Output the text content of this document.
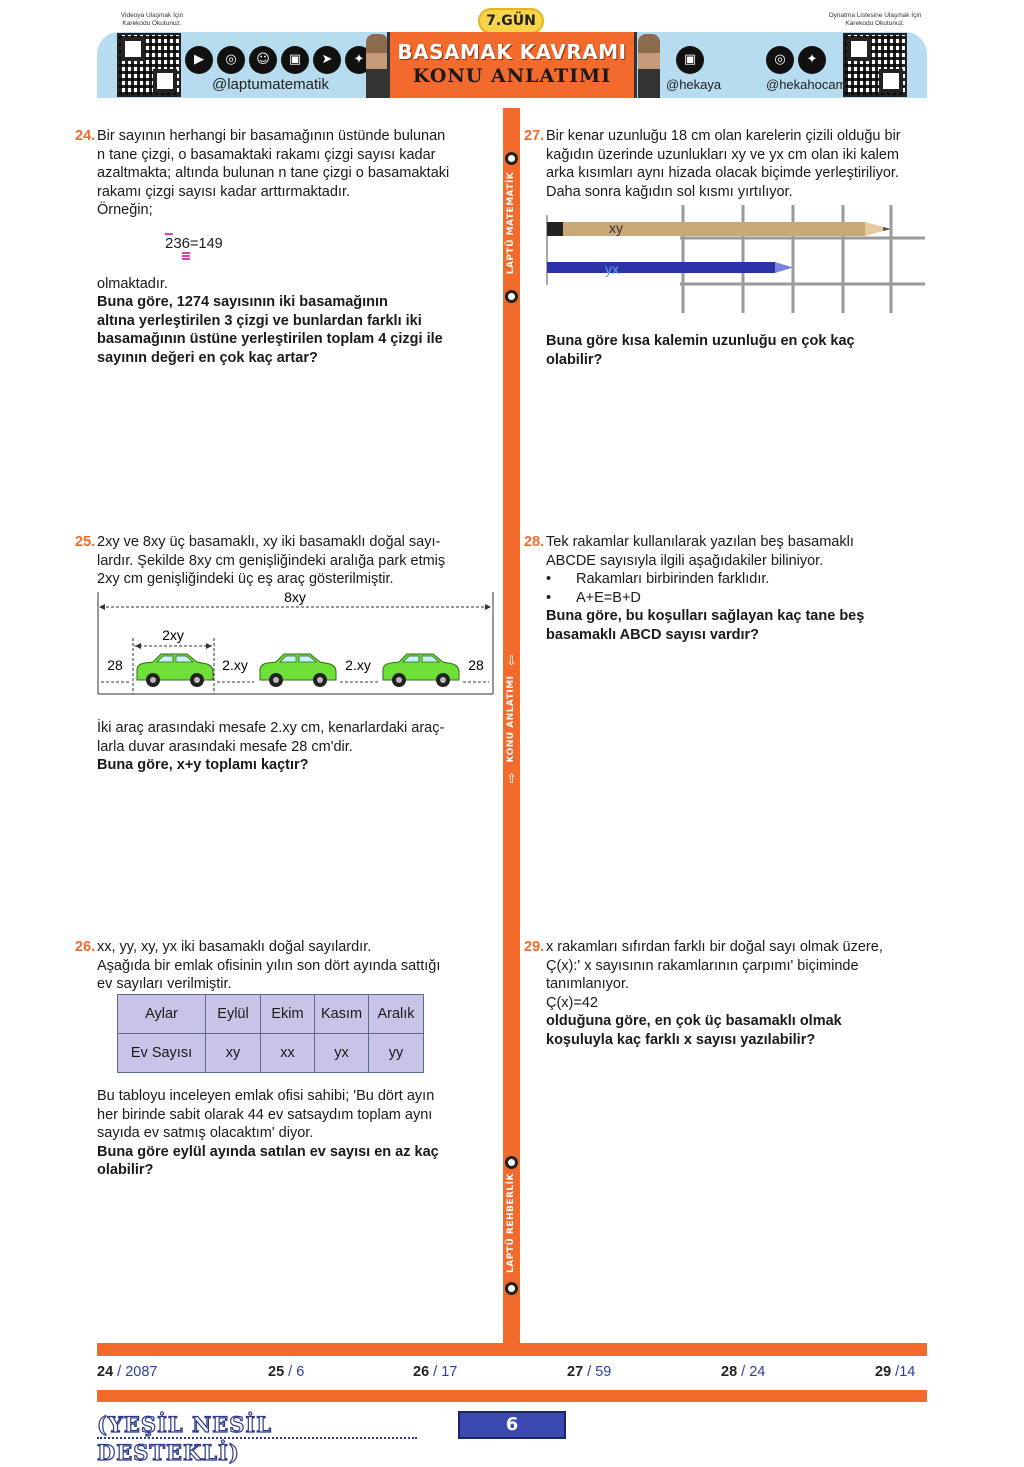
Videoya Ulaşmak İçin Karekodu Okutunuz.
Oynatma Listesine Ulaşmak İçin Karekodu Okutunuz.
7.GÜN
▶	◎	☺	▣	➤	✦
@laptumatematik
BASAMAK KAVRAMI
KONU ANLATIMI
▣
@hekaya
◎	✦
@hekahocam
LAPTÜ MATEMATİK
⇩
KONU ANLATIMI
⇧
LAPTÜ REHBERLİK
24. Bir sayının herhangi bir basamağının üstünde bulunan

n tane çizgi, o basamaktaki rakamı çizgi sayısı kadar

azaltmakta; altında bulunan n tane çizgi o basamaktaki

rakamı çizgi sayısı kadar arttırmaktadır.

Örneğin;

236=149

olmaktadır.

Buna göre, 1274 sayısının iki basamağının

altına yerleştirilen 3 çizgi ve bunlardan farklı iki

basamağının üstüne yerleştirilen toplam 4 çizgi ile

sayının değeri en çok kaç artar?

27. Bir kenar uzunluğu 18 cm olan karelerin çizili olduğu bir

kağıdın üzerinde uzunlukları xy ve yx cm olan iki kalem

arka kısımları aynı hizada olacak biçimde yerleştiriliyor.

Daha sonra kağıdın sol kısmı yırtılıyor.

xy
yx

Buna göre kısa kalemin uzunluğu en çok kaç

olabilir?

25. 2xy ve 8xy üç basamaklı, xy iki basamaklı doğal sayı-

lardır. Şekilde 8xy cm genişliğindeki aralığa park etmiş

2xy cm genişliğindeki üç eş araç gösterilmiştir.

8xy
2xy
28	2.xy	2.xy	28

İki araç arasındaki mesafe 2.xy cm, kenarlardaki araç-

larla duvar arasındaki mesafe 28 cm'dir.

Buna göre, x+y toplamı kaçtır?

28. Tek rakamlar kullanılarak yazılan beş basamaklı

ABCDE sayısıyla ilgili aşağıdakiler biliniyor.

• Rakamları birbirinden farklıdır.
• A+E=B+D

Buna göre, bu koşulları sağlayan kaç tane beş

basamaklı ABCD sayısı vardır?

26. xx, yy, xy, yx iki basamaklı doğal sayılardır.

Aşağıda bir emlak ofisinin yılın son dört ayında sattığı

ev sayıları verilmiştir.

Aylar	Eylül	Ekim	Kasım	Aralık
Ev Sayısı	xy	xx	yx	yy

Bu tabloyu inceleyen emlak ofisi sahibi; 'Bu dört ayın

her birinde sabit olarak 44 ev satsaydım toplam aynı

sayıda ev satmış olacaktım' diyor.

Buna göre eylül ayında satılan ev sayısı en az kaç

olabilir?

29. x rakamları sıfırdan farklı bir doğal sayı olmak üzere,

Ç(x):' x sayısının rakamlarının çarpımı' biçiminde

tanımlanıyor.

Ç(x)=42

olduğuna göre, en çok üç basamaklı olmak

koşuluyla kaç farklı x sayısı yazılabilir?

24 / 2087	25 / 6	26 / 17	27 / 59	28 / 24	29 /14
(YEŞİL NESİL DESTEKLİ)
6
